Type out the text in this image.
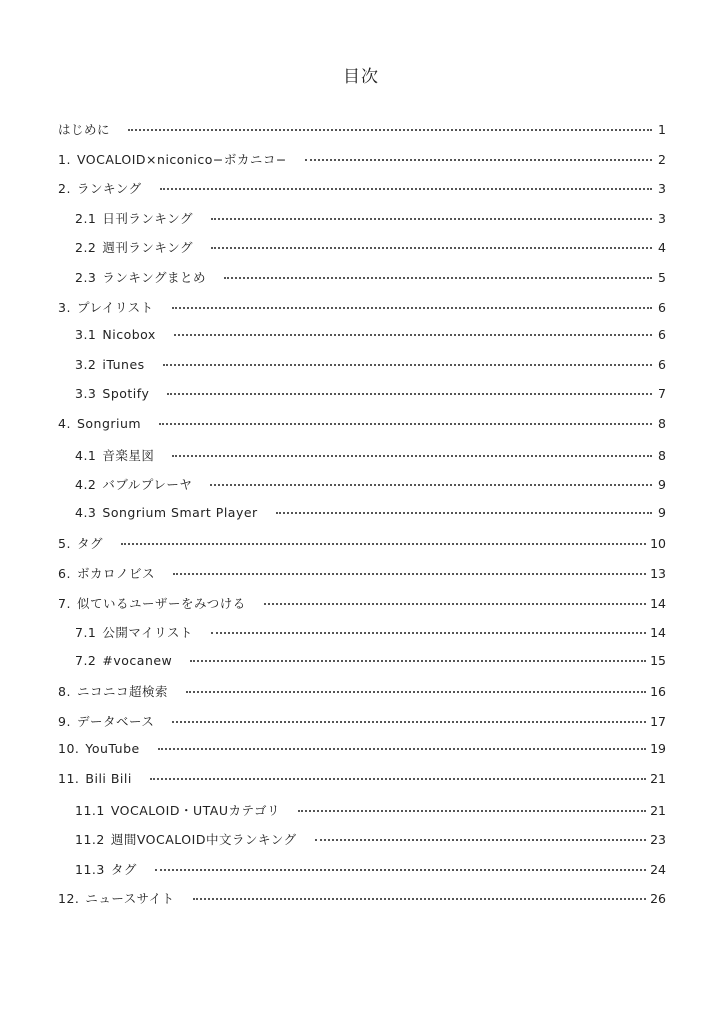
目次
はじめに	1
1. VOCALOID×niconico−ボカニコ−	2
2. ランキング	3
2.1 日刊ランキング	3
2.2 週刊ランキング	4
2.3 ランキングまとめ	5
3. プレイリスト	6
3.1 Nicobox	6
3.2 iTunes	6
3.3 Spotify	7
4. Songrium	8
4.1 音楽星図	8
4.2 バブルプレーヤ	9
4.3 Songrium Smart Player	9
5. タグ	10
6. ボカロノビス	13
7. 似ているユーザーをみつける	14
7.1 公開マイリスト	14
7.2 #vocanew	15
8. ニコニコ超検索	16
9. データベース	17
10. YouTube	19
11. Bili Bili	21
11.1 VOCALOID・UTAUカテゴリ	21
11.2 週間VOCALOID中文ランキング	23
11.3 タグ	24
12. ニュースサイト	26
